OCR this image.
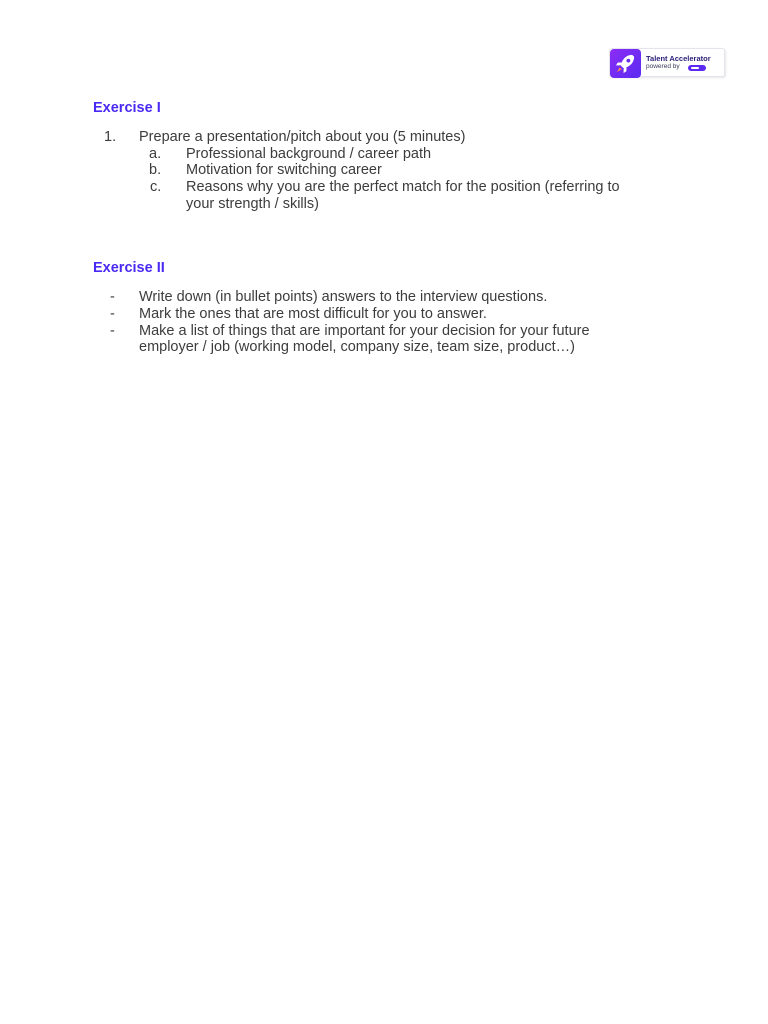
Talent Accelerator
powered by
Exercise I
1. Prepare a presentation/pitch about you (5 minutes)
a. Professional background / career path
b. Motivation for switching career
c. Reasons why you are the perfect match for the position (referring to
your strength / skills)
Exercise II
- Write down (in bullet points) answers to the interview questions.
- Mark the ones that are most difficult for you to answer.
- Make a list of things that are important for your decision for your future
employer / job (working model, company size, team size, product…)
